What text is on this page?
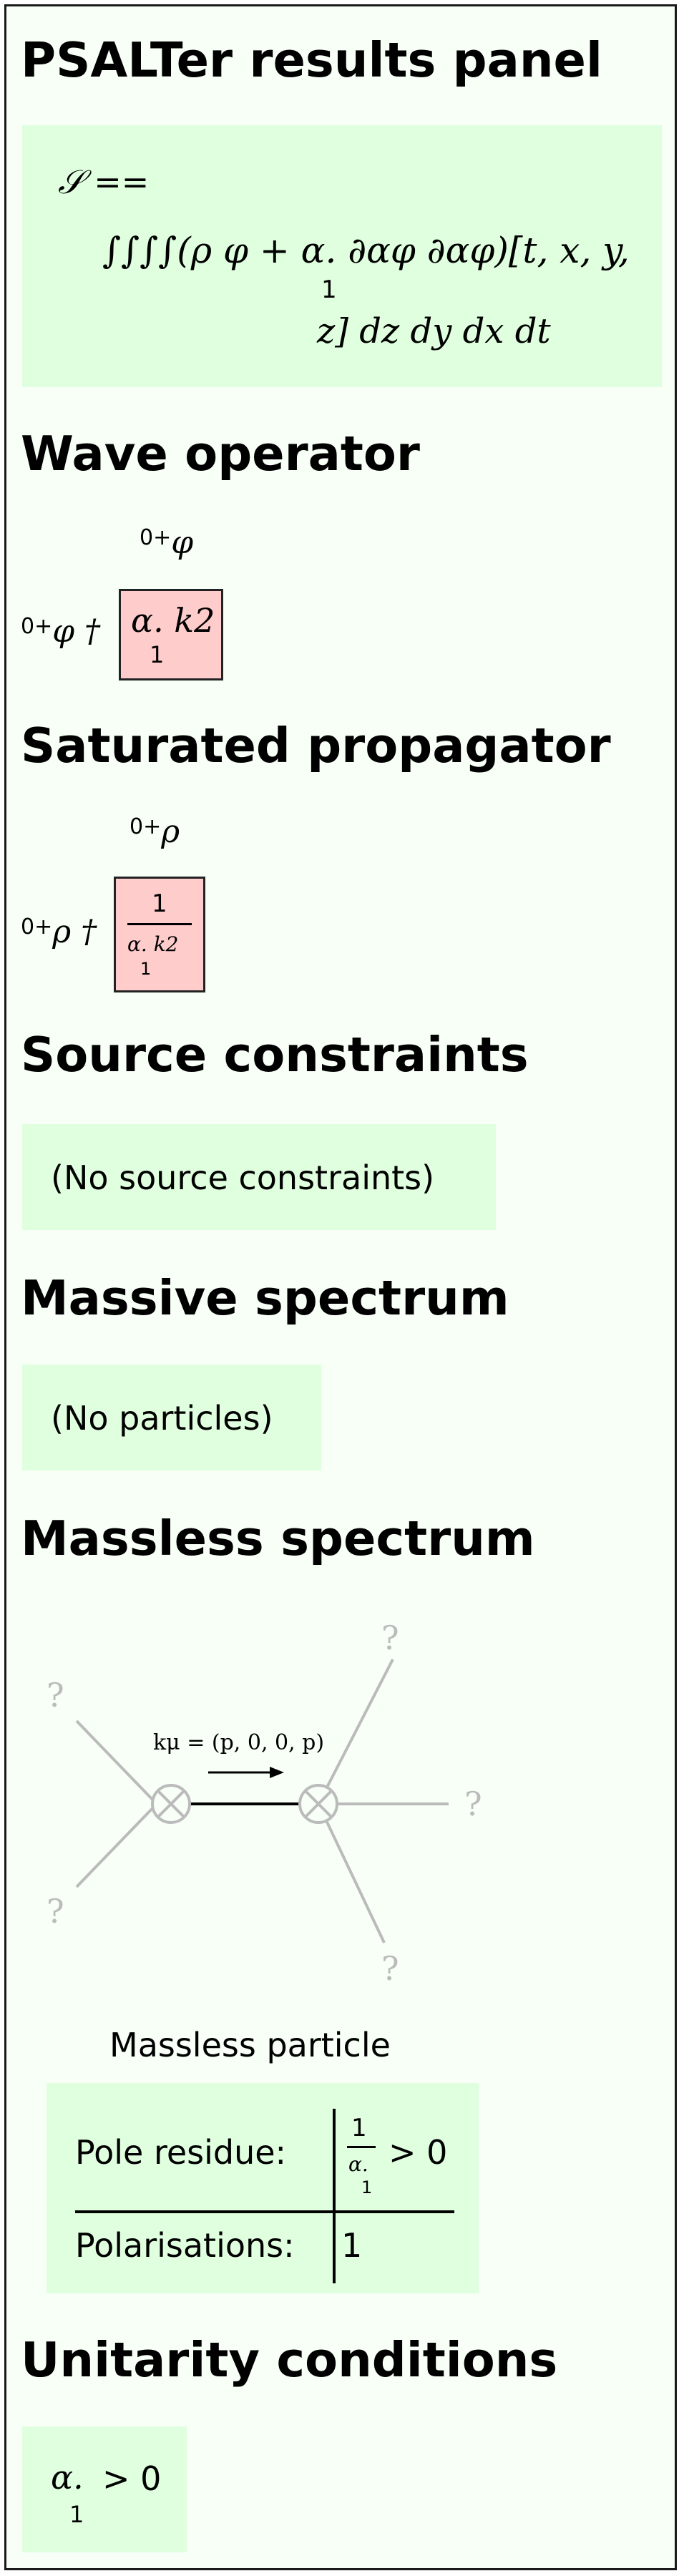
PSALTer results panel
𝒮 ==
∫∫∫∫(ρ φ + α. ∂αφ ∂αφ)[t, x, y,
1
z] dz dy dx dt
Wave operator
$^{0+}$φ
$^{0+}$φ † α. k2
1
Saturated propagator
$^{0+}$ρ
$^{0+}$ρ †
1
α. k2
1
Source constraints
(No source constraints)
Massive spectrum
(No particles)
Massless spectrum
kμ = (p, 0, 0, p)
?
?
?
?
?
Massless particle
Pole residue:
1
α.
1
> 0
Polarisations: 1
Unitarity conditions
α.
1
> 0
